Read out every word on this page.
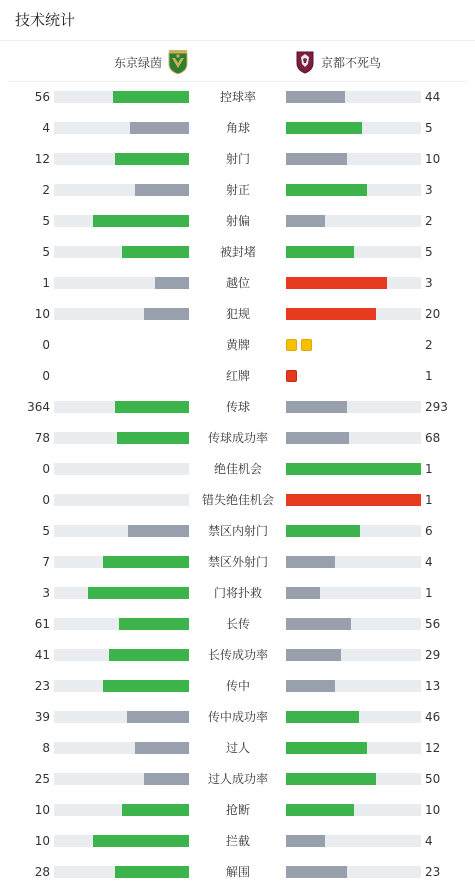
技术统计
东京绿茵	京都不死鸟
56	控球率	44
4	角球	5
12	射门	10
2	射正	3
5	射偏	2
5	被封堵	5
1	越位	3
10	犯规	20
0	黄牌	2
0	红牌	1
364	传球	293
78	传球成功率	68
0	绝佳机会	1
0	错失绝佳机会	1
5	禁区内射门	6
7	禁区外射门	4
3	门将扑救	1
61	长传	56
41	长传成功率	29
23	传中	13
39	传中成功率	46
8	过人	12
25	过人成功率	50
10	抢断	10
10	拦截	4
28	解围	23
